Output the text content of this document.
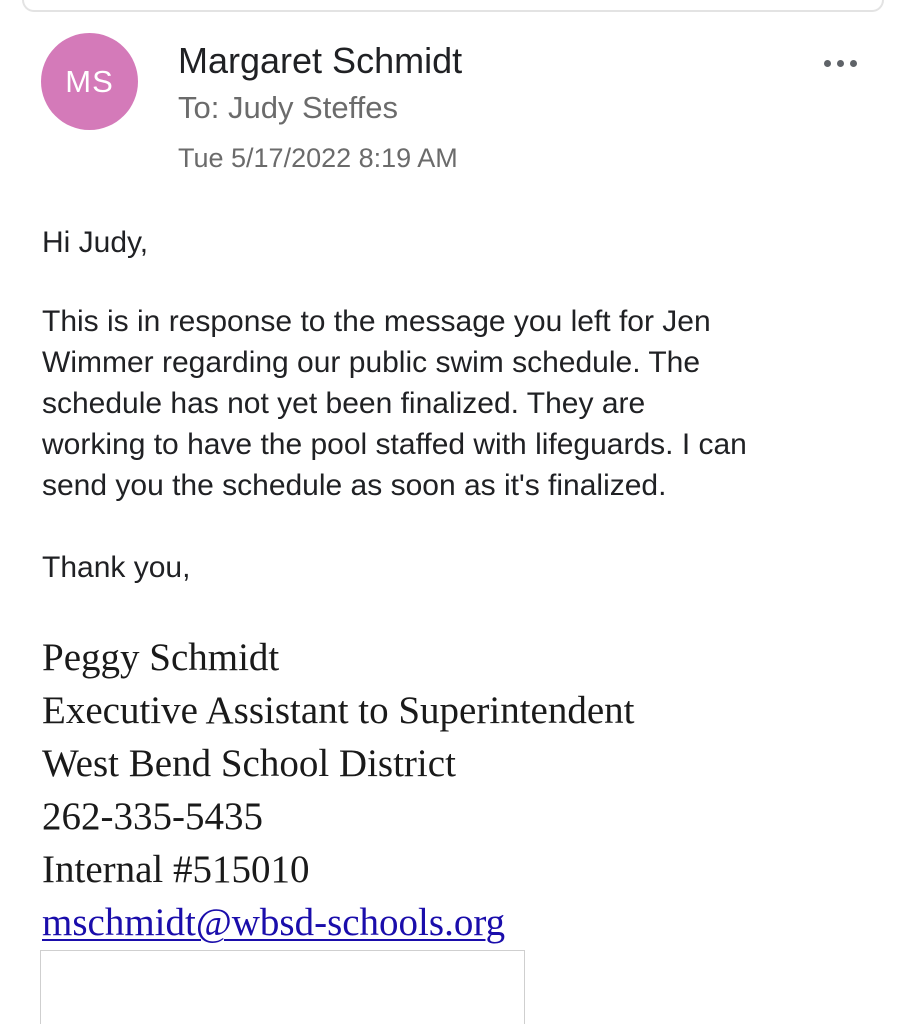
MS Margaret Schmidt
To: Judy Steffes
Tue 5/17/2022 8:19 AM
Hi Judy,
This is in response to the message you left for Jen
Wimmer regarding our public swim schedule. The
schedule has not yet been finalized. They are
working to have the pool staffed with lifeguards. I can
send you the schedule as soon as it's finalized.
Thank you,
Peggy Schmidt
Executive Assistant to Superintendent
West Bend School District
262-335-5435
Internal #515010
mschmidt@wbsd-schools.org
